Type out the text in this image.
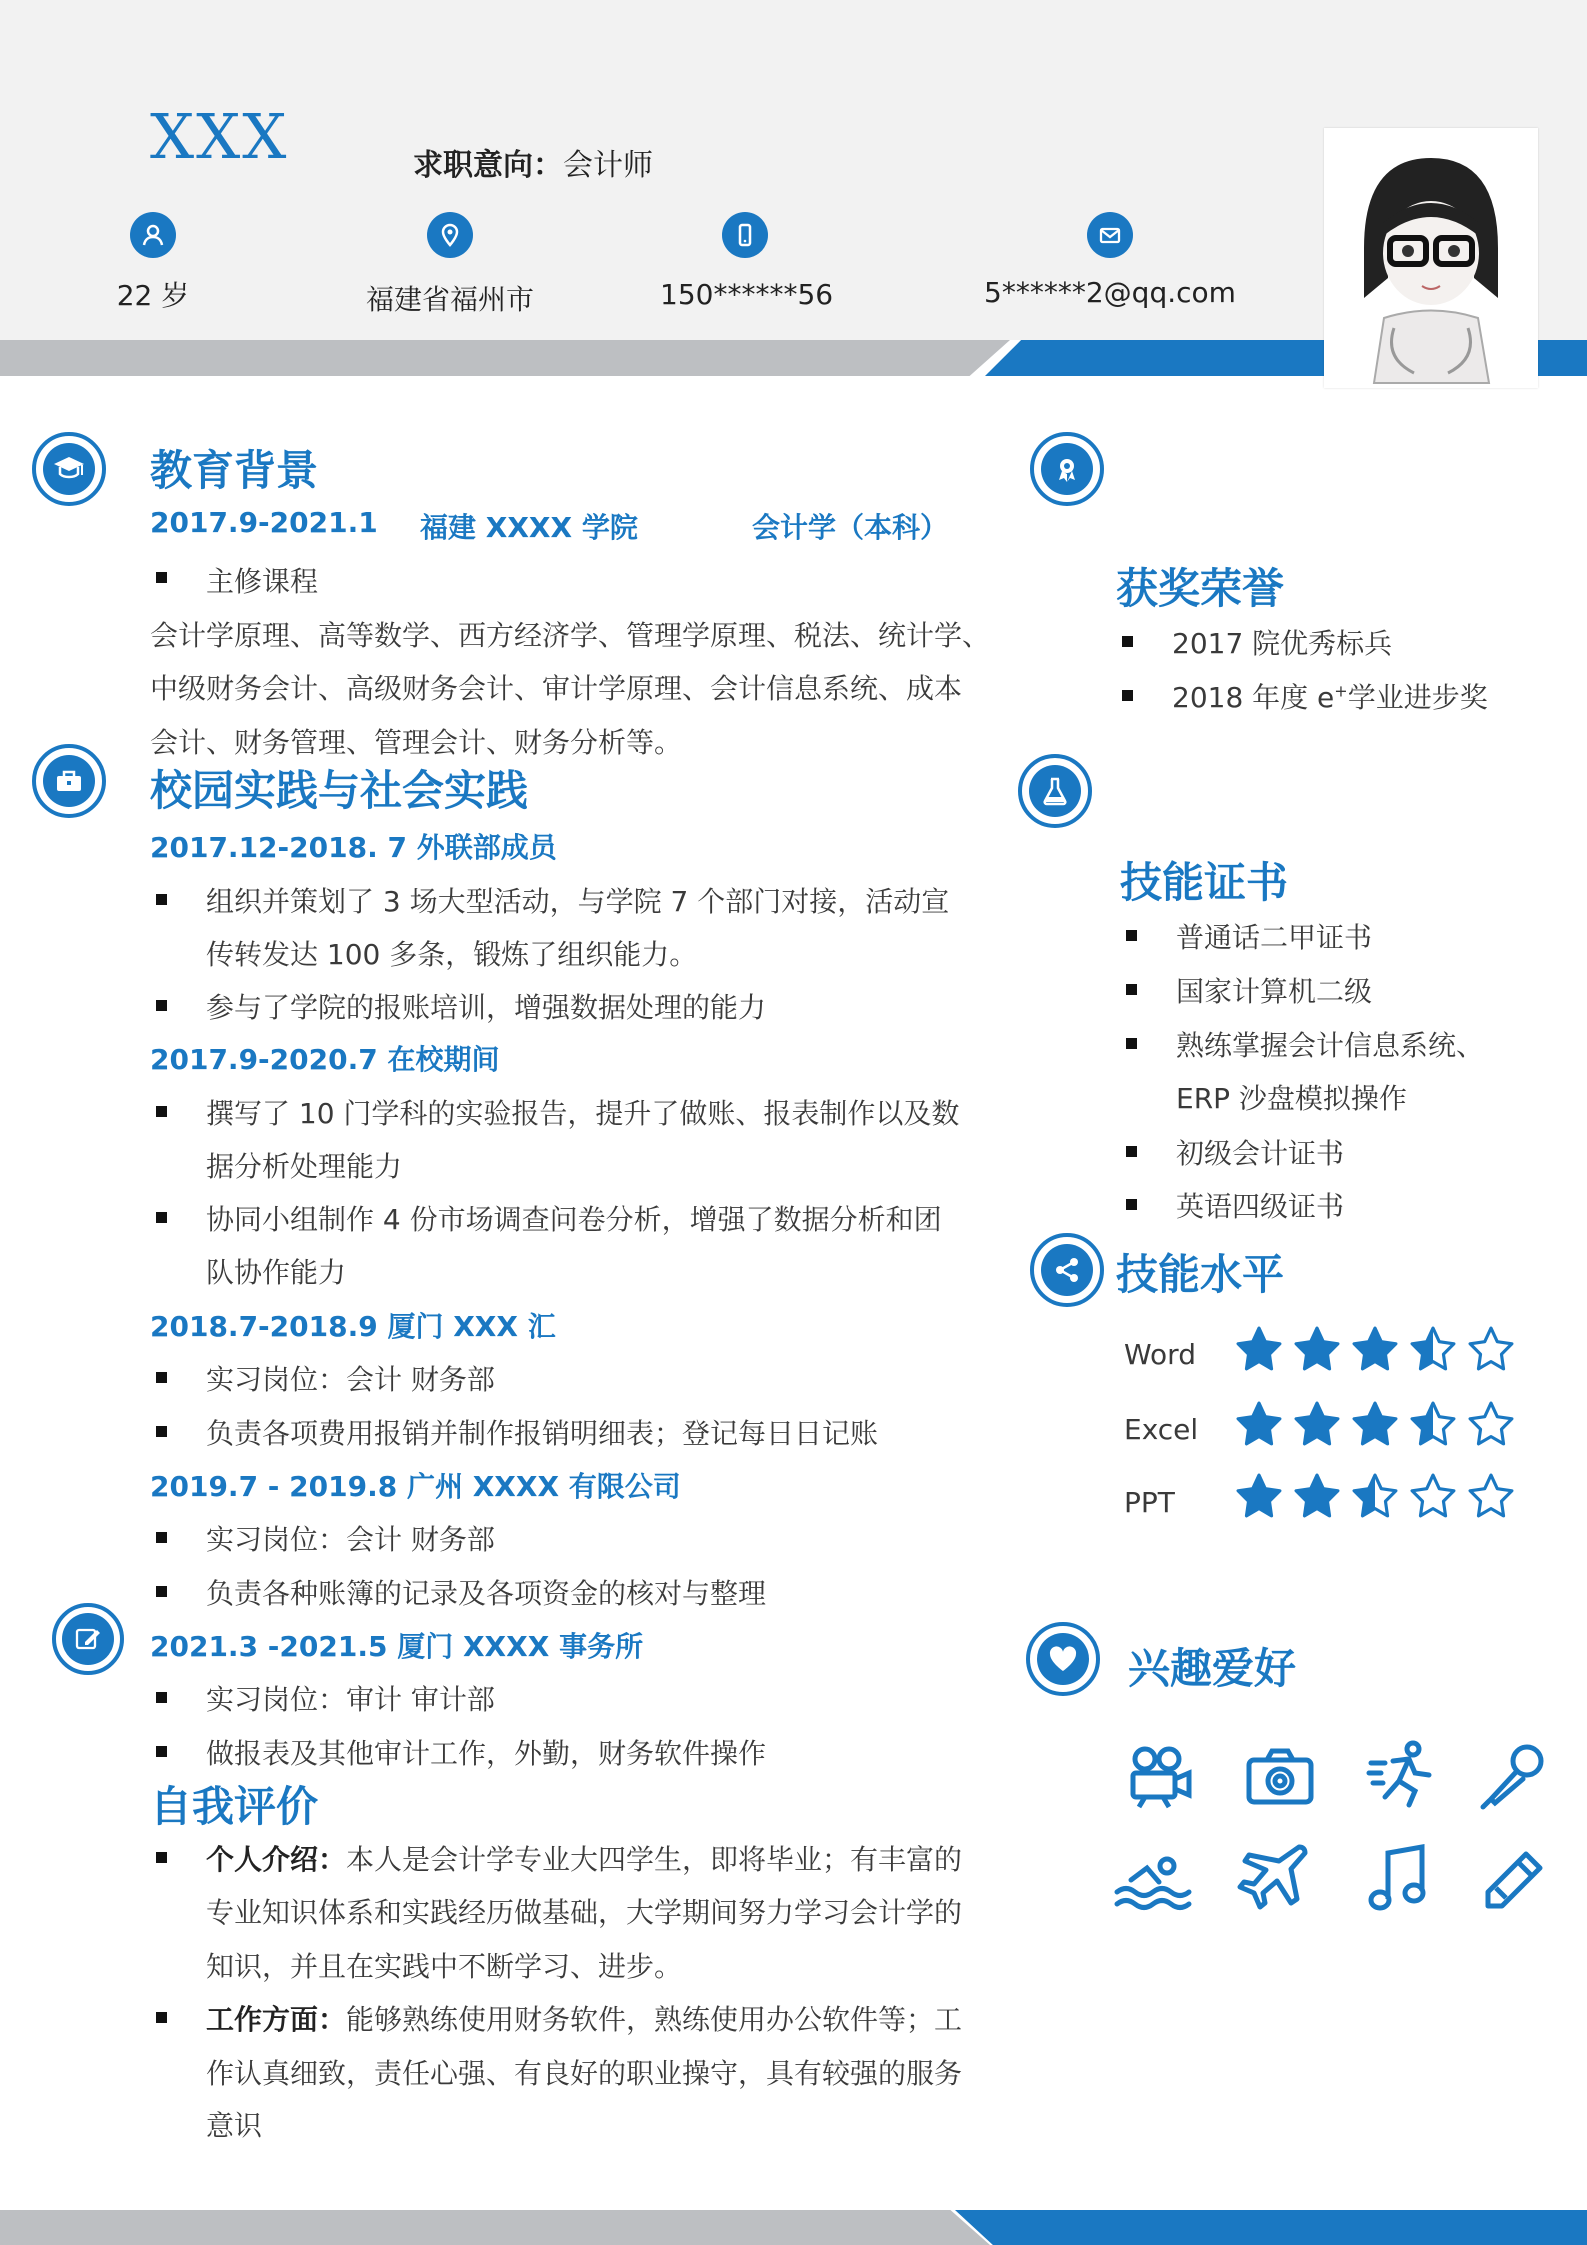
XXX	求职意向：会计师
22 岁	福建省福州市	150******56	5******2@qq.com
教育背景
2017.9-2021.1 福建 XXXX 学院	会计学（本科）
主修课程
会计学原理、高等数学、西方经济学、管理学原理、税法、统计学、
中级财务会计、高级财务会计、审计学原理、会计信息系统、成本
会计、财务管理、管理会计、财务分析等。
校园实践与社会实践
2017.12-2018. 7 外联部成员
组织并策划了 3 场大型活动，与学院 7 个部门对接，活动宣
传转发达 100 多条，锻炼了组织能力。
参与了学院的报账培训，增强数据处理的能力
2017.9-2020.7 在校期间
撰写了 10 门学科的实验报告，提升了做账、报表制作以及数
据分析处理能力
协同小组制作 4 份市场调查问卷分析，增强了数据分析和团
队协作能力
2018.7-2018.9 厦门 XXX 汇
实习岗位：会计 财务部
负责各项费用报销并制作报销明细表；登记每日日记账
2019.7 - 2019.8 广州 XXXX 有限公司
实习岗位：会计 财务部
负责各种账簿的记录及各项资金的核对与整理
2021.3 -2021.5 厦门 XXXX 事务所
实习岗位：审计 审计部
做报表及其他审计工作，外勤，财务软件操作
自我评价
个人介绍：本人是会计学专业大四学生，即将毕业；有丰富的
专业知识体系和实践经历做基础，大学期间努力学习会计学的
知识，并且在实践中不断学习、进步。
工作方面：能够熟练使用财务软件，熟练使用办公软件等；工
作认真细致，责任心强、有良好的职业操守，具有较强的服务
意识
获奖荣誉
2017 院优秀标兵
2018 年度 e+学业进步奖
技能证书
普通话二甲证书
国家计算机二级
熟练掌握会计信息系统、
ERP 沙盘模拟操作
初级会计证书
英语四级证书
技能水平
Word
Excel
PPT
兴趣爱好
